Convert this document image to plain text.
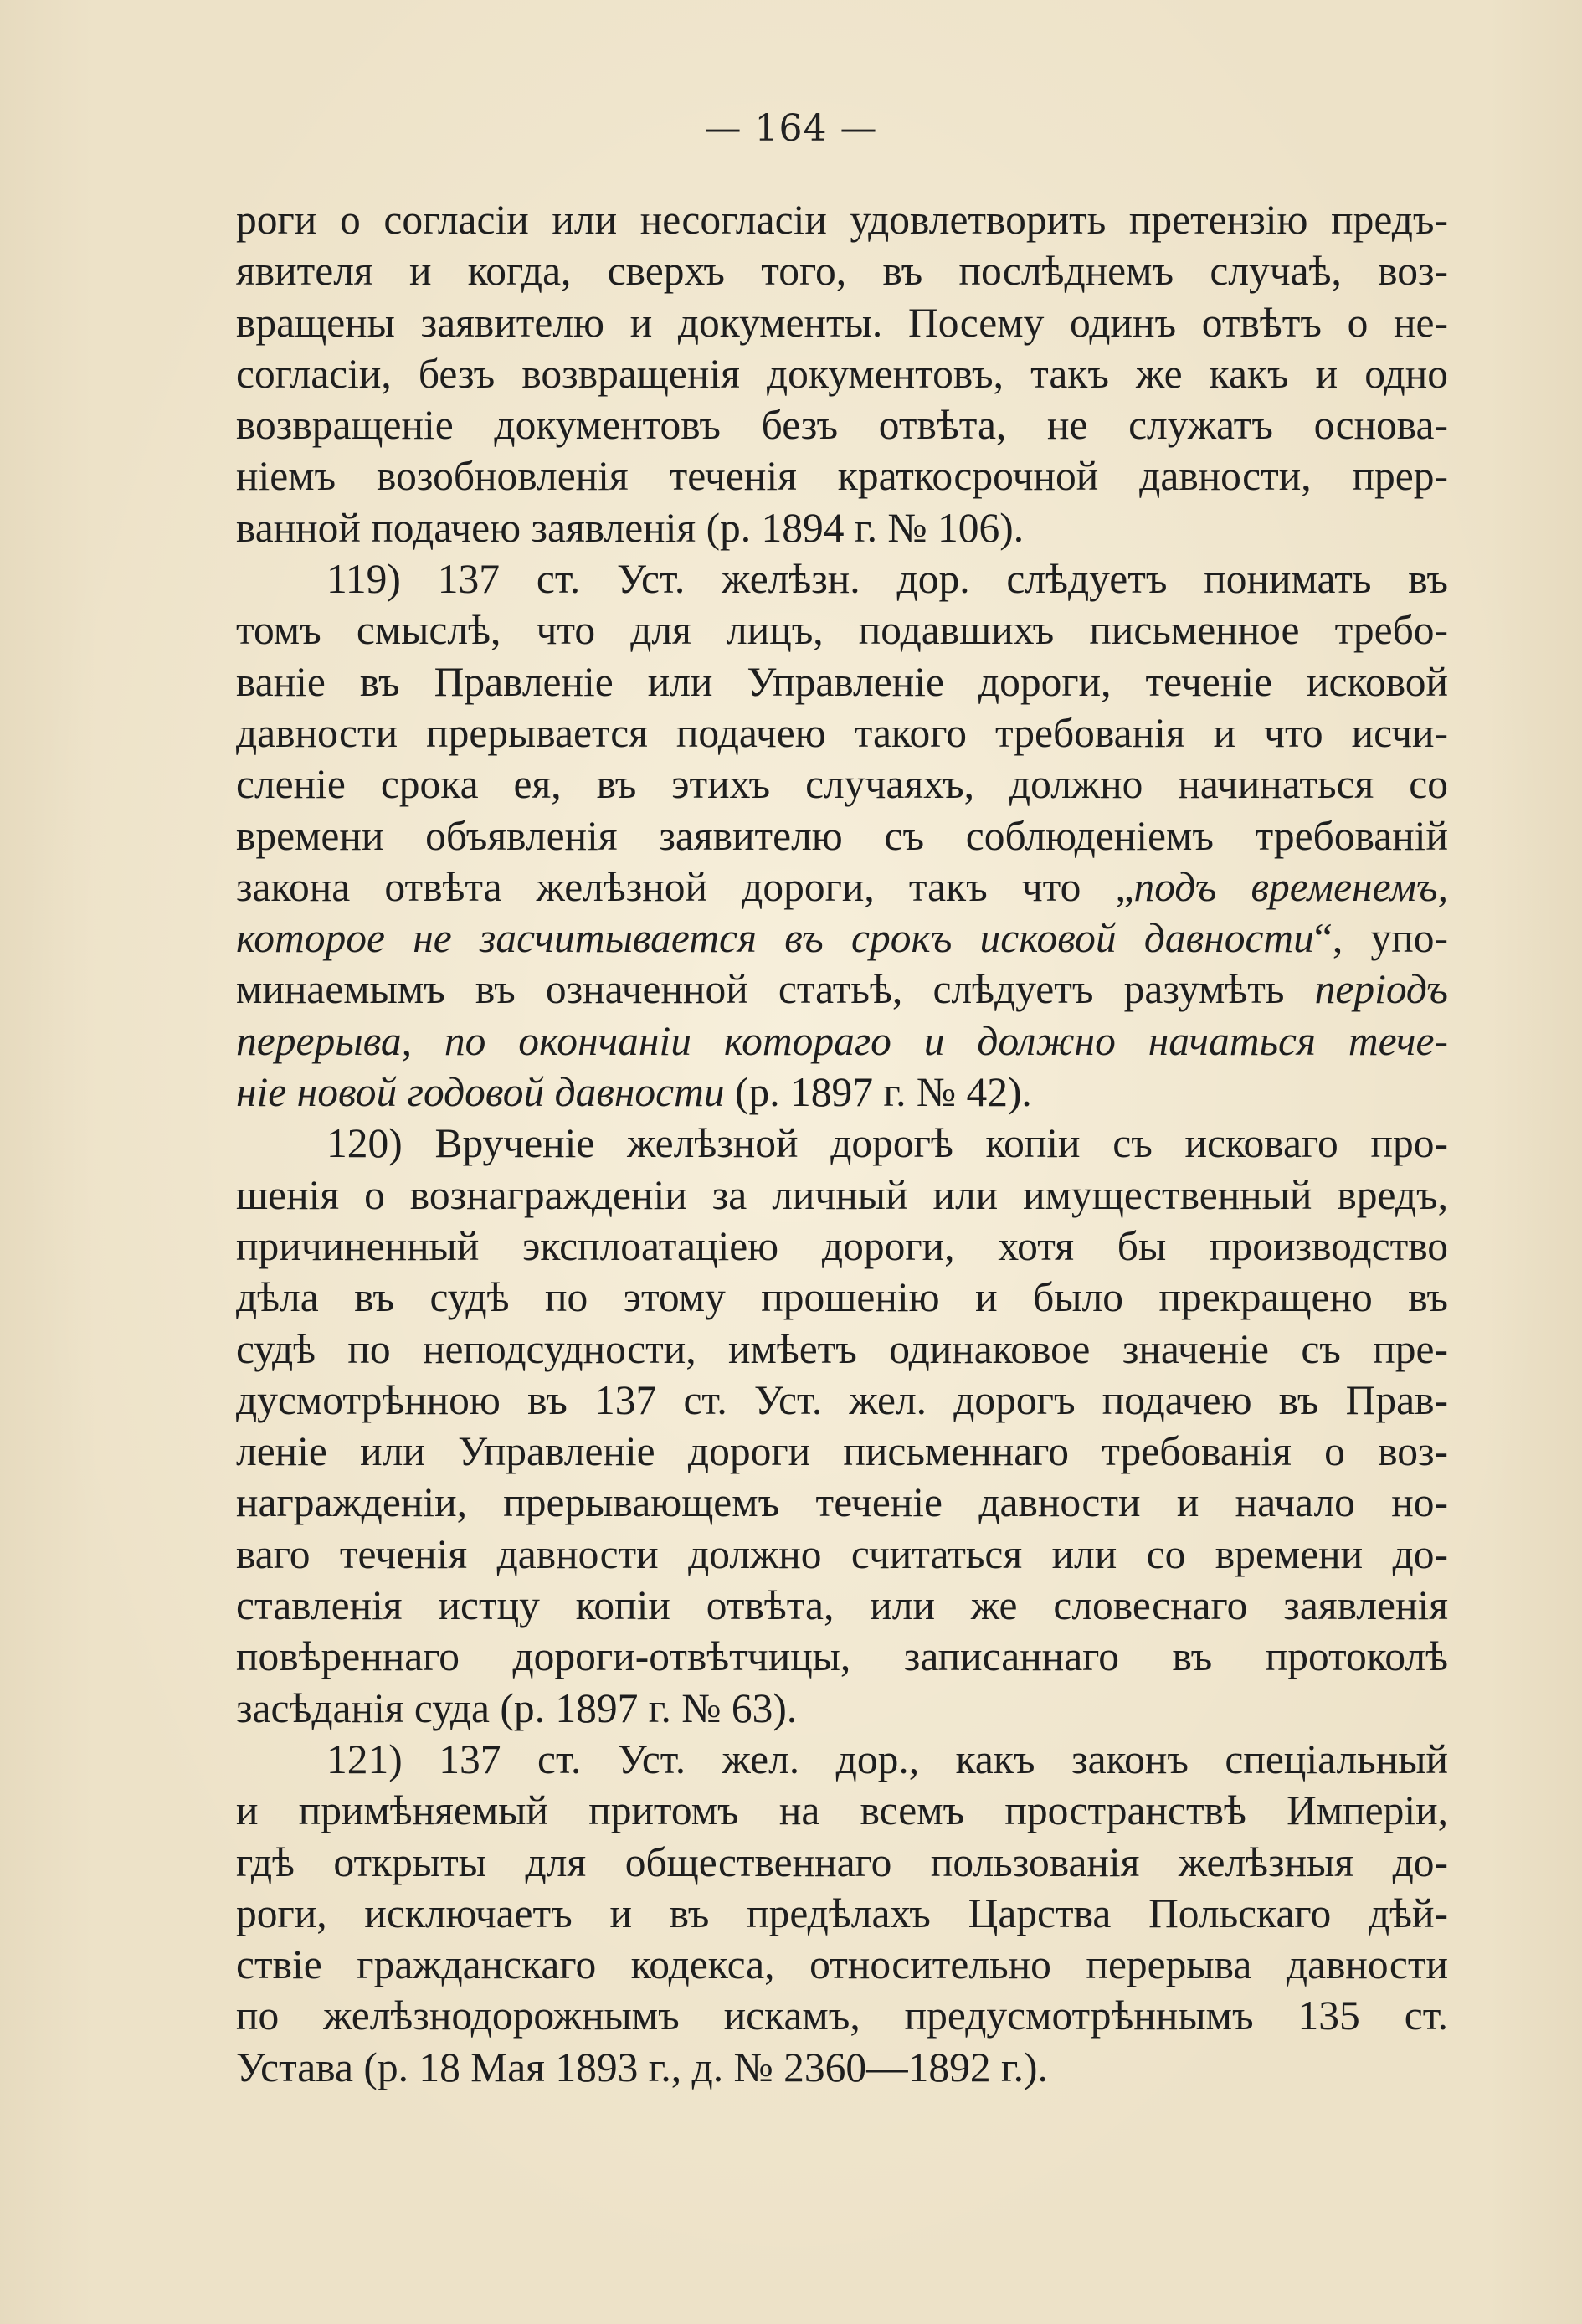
— 164 —
роги о согласіи или несогласіи удовлетворить претензію предъ-
явителя и когда, сверхъ того, въ послѣднемъ случаѣ, воз-
вращены заявителю и документы. Посему одинъ отвѣтъ о не-
согласіи, безъ возвращенія документовъ, такъ же какъ и одно
возвращеніе документовъ безъ отвѣта, не служатъ основа-
ніемъ возобновленія теченія краткосрочной давности, прер-
ванной подачею заявленія (р. 1894 г. № 106).
119) 137 ст. Уст. желѣзн. дор. слѣдуетъ понимать въ
томъ смыслѣ, что для лицъ, подавшихъ письменное требо-
ваніе въ Правленіе или Управленіе дороги, теченіе исковой
давности прерывается подачею такого требованія и что исчи-
сленіе срока ея, въ этихъ случаяхъ, должно начинаться со
времени объявленія заявителю съ соблюденіемъ требованій
закона отвѣта желѣзной дороги, такъ что „подъ временемъ,
которое не засчитывается въ срокъ исковой давности“, упо-
минаемымъ въ означенной статьѣ, слѣдуетъ разумѣть періодъ
перерыва, по окончаніи котораго и должно начаться тече-
ніе новой годовой давности (р. 1897 г. № 42).
120) Врученіе желѣзной дорогѣ копіи съ исковаго про-
шенія о вознагражденіи за личный или имущественный вредъ,
причиненный эксплоатаціею дороги, хотя бы производство
дѣла въ судѣ по этому прошенію и было прекращено въ
судѣ по неподсудности, имѣетъ одинаковое значеніе съ пре-
дусмотрѣнною въ 137 ст. Уст. жел. дорогъ подачею въ Прав-
леніе или Управленіе дороги письменнаго требованія о воз-
награжденіи, прерывающемъ теченіе давности и начало но-
ваго теченія давности должно считаться или со времени до-
ставленія истцу копіи отвѣта, или же словеснаго заявленія
повѣреннаго дороги-отвѣтчицы, записаннаго въ протоколѣ
засѣданія суда (р. 1897 г. № 63).
121) 137 ст. Уст. жел. дор., какъ законъ спеціальный
и примѣняемый притомъ на всемъ пространствѣ Имперіи,
гдѣ открыты для общественнаго пользованія желѣзныя до-
роги, исключаетъ и въ предѣлахъ Царства Польскаго дѣй-
ствіе гражданскаго кодекса, относительно перерыва давности
по желѣзнодорожнымъ искамъ, предусмотрѣннымъ 135 ст.
Устава (р. 18 Мая 1893 г., д. № 2360—1892 г.).
